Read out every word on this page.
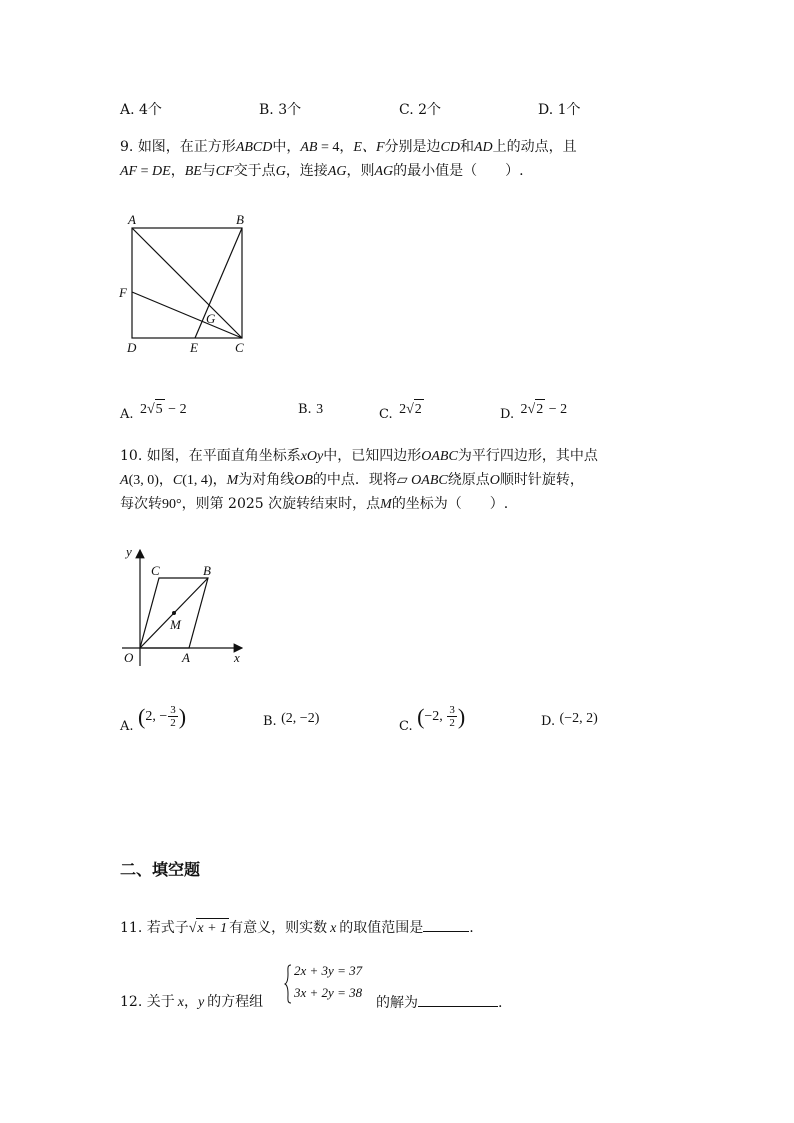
A. 4个	B. 3个	C. 2个	D. 1个
9. 如图，在正方形ABCD中，AB = 4，E、F分别是边CD和AD上的动点，且
AF = DE，BE与CF交于点G，连接AG，则AG的最小值是（　　）.
A	B
F
G
D	E	C
A. 2√5 − 2	B. 3	C. 2√2	D. 2√2 − 2
10. 如图，在平面直角坐标系xOy中，已知四边形OABC为平行四边形，其中点
A(3, 0)，C(1, 4)，M为对角线OB的中点．现将▱ OABC绕原点O顺时针旋转，
每次转90°，则第 2025 次旋转结束时，点M的坐标为（　　）.
y
C	B
M
O	A	x
A. (2, − $\frac{3}{2}$ )	B. (2, −2)
C. (−2, $\frac{3}{2}$ )	D. (−2, 2)
二、填空题
11. 若式子√x + 1 有意义，则实数 x 的取值范围是	.
2x + 3y = 37
3x + 2y = 38
12. 关于 x，y 的方程组	的解为	.
